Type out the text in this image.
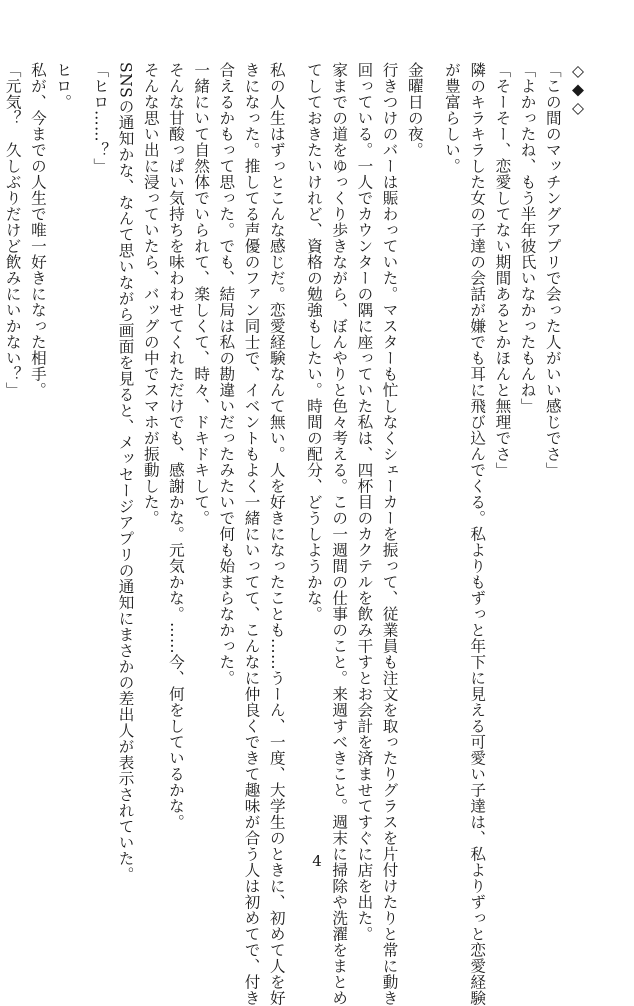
◇◆◇
「この間のマッチングアプリで会った人がいい感じでさ」
「よかったね、もう半年彼氏いなかったもんね」
「そーそー、恋愛してない期間あるとかほんと無理でさ」
隣のキラキラした女の子達の会話が嫌でも耳に飛び込んでくる。私よりもずっと年下に見える可愛い子達は、私よりずっと恋愛経験
が豊富らしい。
金曜日の夜。
行きつけのバーは賑わっていた。マスターも忙しなくシェーカーを振って、従業員も注文を取ったりグラスを片付けたりと常に動き
回っている。一人でカウンターの隅に座っていた私は、四杯目のカクテルを飲み干すとお会計を済ませてすぐに店を出た。
家までの道をゆっくり歩きながら、ぼんやりと色々考える。この一週間の仕事のこと。来週すべきこと。週末に掃除や洗濯をまとめ
てしておきたいけれど、資格の勉強もしたい。時間の配分、どうしようかな。
私の人生はずっとこんな感じだ。恋愛経験なんて無い。人を好きになったことも……うーん、一度、大学生のときに、初めて人を好
きになった。推してる声優のファン同士で、イベントもよく一緒にいってて、こんなに仲良くできて趣味が合う人は初めてで、付き
合えるかもって思った。でも、結局は私の勘違いだったみたいで何も始まらなかった。
一緒にいて自然体でいられて、楽しくて、時々、ドキドキして。
そんな甘酸っぱい気持ちを味わわせてくれただけでも、感謝かな。元気かな。……今、何をしているかな。
そんな思い出に浸っていたら、バッグの中でスマホが振動した。
SNSの通知かな、なんて思いながら画面を見ると、メッセージアプリの通知にまさかの差出人が表示されていた。
「ヒロ……？」
ヒロ。
私が、今までの人生で唯一好きになった相手。
「元気？　久しぶりだけど飲みにいかない？」
4
